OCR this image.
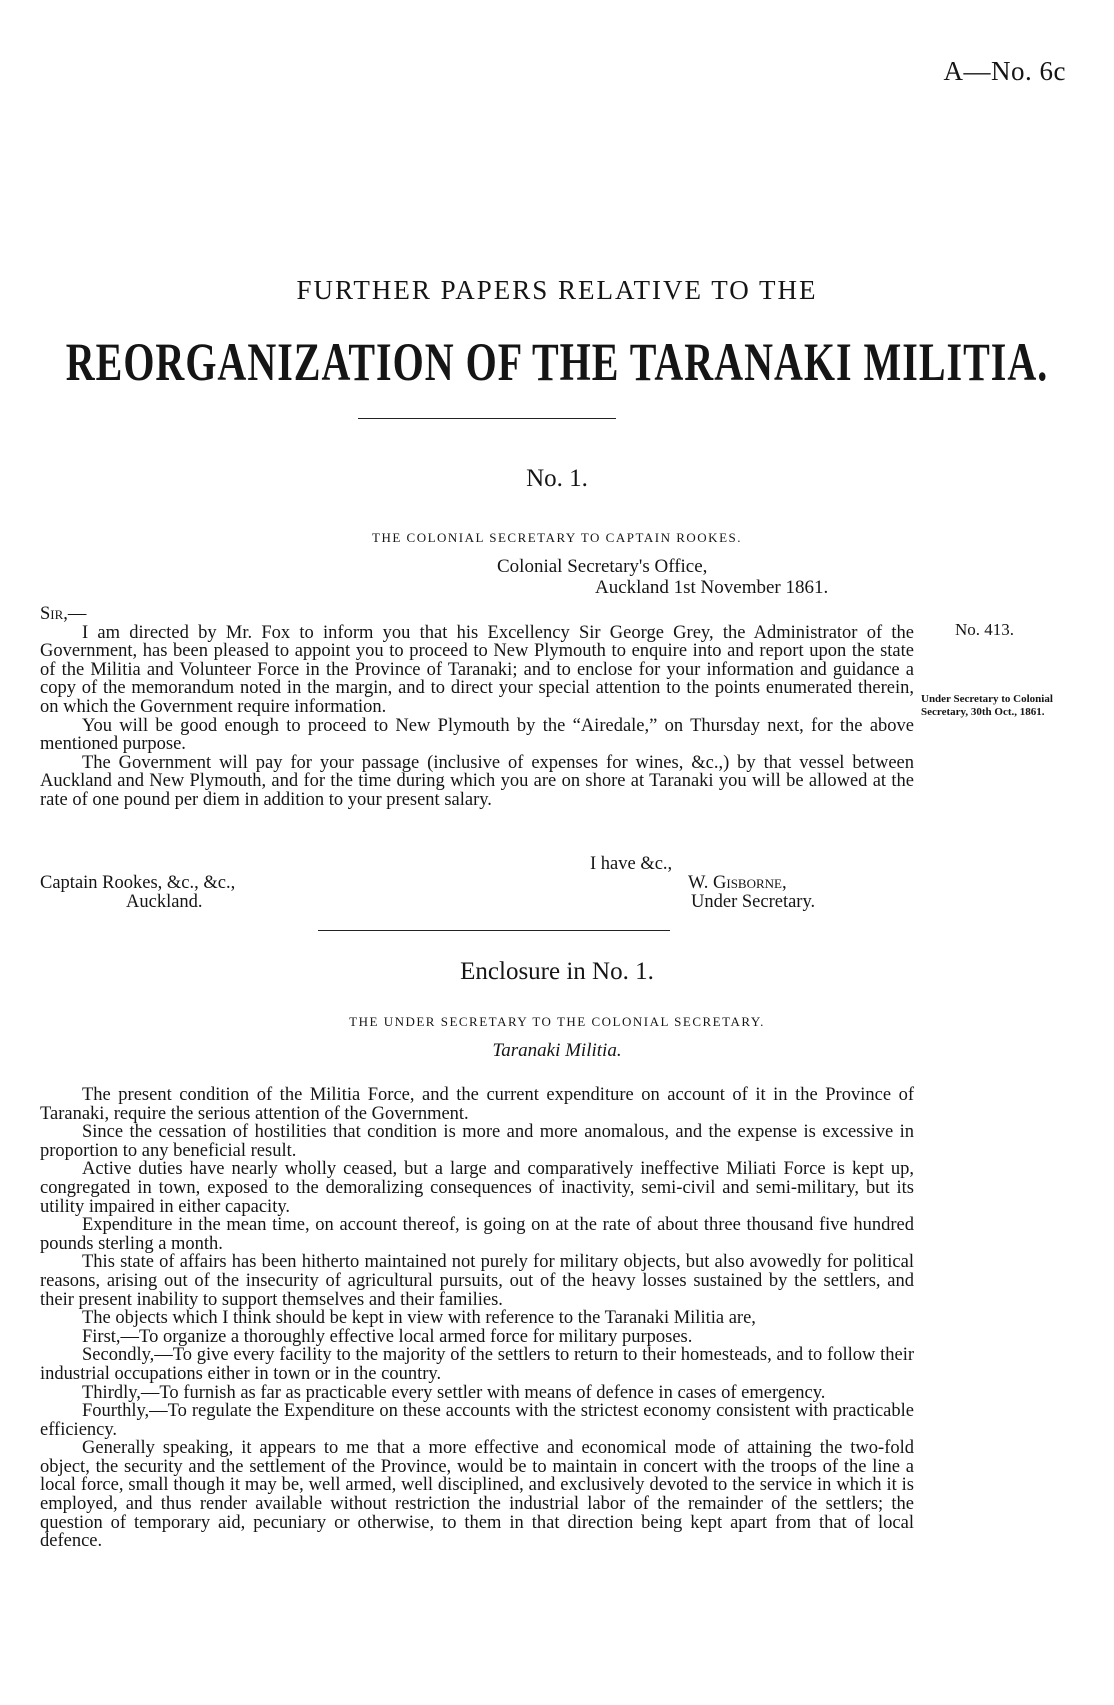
A—No. 6c
FURTHER PAPERS RELATIVE TO THE
REORGANIZATION OF THE TARANAKI MILITIA.
No. 1.
THE COLONIAL SECRETARY TO CAPTAIN ROOKES.
Colonial Secretary's Office,
Auckland 1st November 1861.

Sir,—

I am directed by Mr. Fox to inform you that his Excellency Sir George Grey, the Administrator of the Government, has been pleased to appoint you to proceed to New Plymouth to enquire into and report upon the state of the Militia and Volunteer Force in the Province of Taranaki; and to enclose for your information and guidance a copy of the memorandum noted in the margin, and to direct your special attention to the points enumerated therein, on which the Government require information.

You will be good enough to proceed to New Plymouth by the “Airedale,” on Thursday next, for the above mentioned purpose.

The Government will pay for your passage (inclusive of expenses for wines, &c.,) by that vessel between Auckland and New Plymouth, and for the time during which you are on shore at Taranaki you will be allowed at the rate of one pound per diem in addition to your present salary.

No. 413.
Under Secretary to Colonial Secretary, 30th Oct., 1861.
I have &c.,
Captain Rookes, &c., &c.,
Auckland.
W. Gisborne,
Under Secretary.
Enclosure in No. 1.
THE UNDER SECRETARY TO THE COLONIAL SECRETARY.
Taranaki Militia.

The present condition of the Militia Force, and the current expenditure on account of it in the Province of Taranaki, require the serious attention of the Government.

Since the cessation of hostilities that condition is more and more anomalous, and the expense is excessive in proportion to any beneficial result.

Active duties have nearly wholly ceased, but a large and comparatively ineffective Miliati Force is kept up, congregated in town, exposed to the demoralizing consequences of inactivity, semi-civil and semi-military, but its utility impaired in either capacity.

Expenditure in the mean time, on account thereof, is going on at the rate of about three thousand five hundred pounds sterling a month.

This state of affairs has been hitherto maintained not purely for military objects, but also avowedly for political reasons, arising out of the insecurity of agricultural pursuits, out of the heavy losses sustained by the settlers, and their present inability to support themselves and their families.

The objects which I think should be kept in view with reference to the Taranaki Militia are,

First,—To organize a thoroughly effective local armed force for military purposes.

Secondly,—To give every facility to the majority of the settlers to return to their homesteads, and to follow their industrial occupations either in town or in the country.

Thirdly,—To furnish as far as practicable every settler with means of defence in cases of emergency.

Fourthly,—To regulate the Expenditure on these accounts with the strictest economy consistent with practicable efficiency.

Generally speaking, it appears to me that a more effective and economical mode of attaining the two-fold object, the security and the settlement of the Province, would be to maintain in concert with the troops of the line a local force, small though it may be, well armed, well disciplined, and exclusively devoted to the service in which it is employed, and thus render available without restriction the industrial labor of the remainder of the settlers; the question of temporary aid, pecuniary or otherwise, to them in that direction being kept apart from that of local defence.
